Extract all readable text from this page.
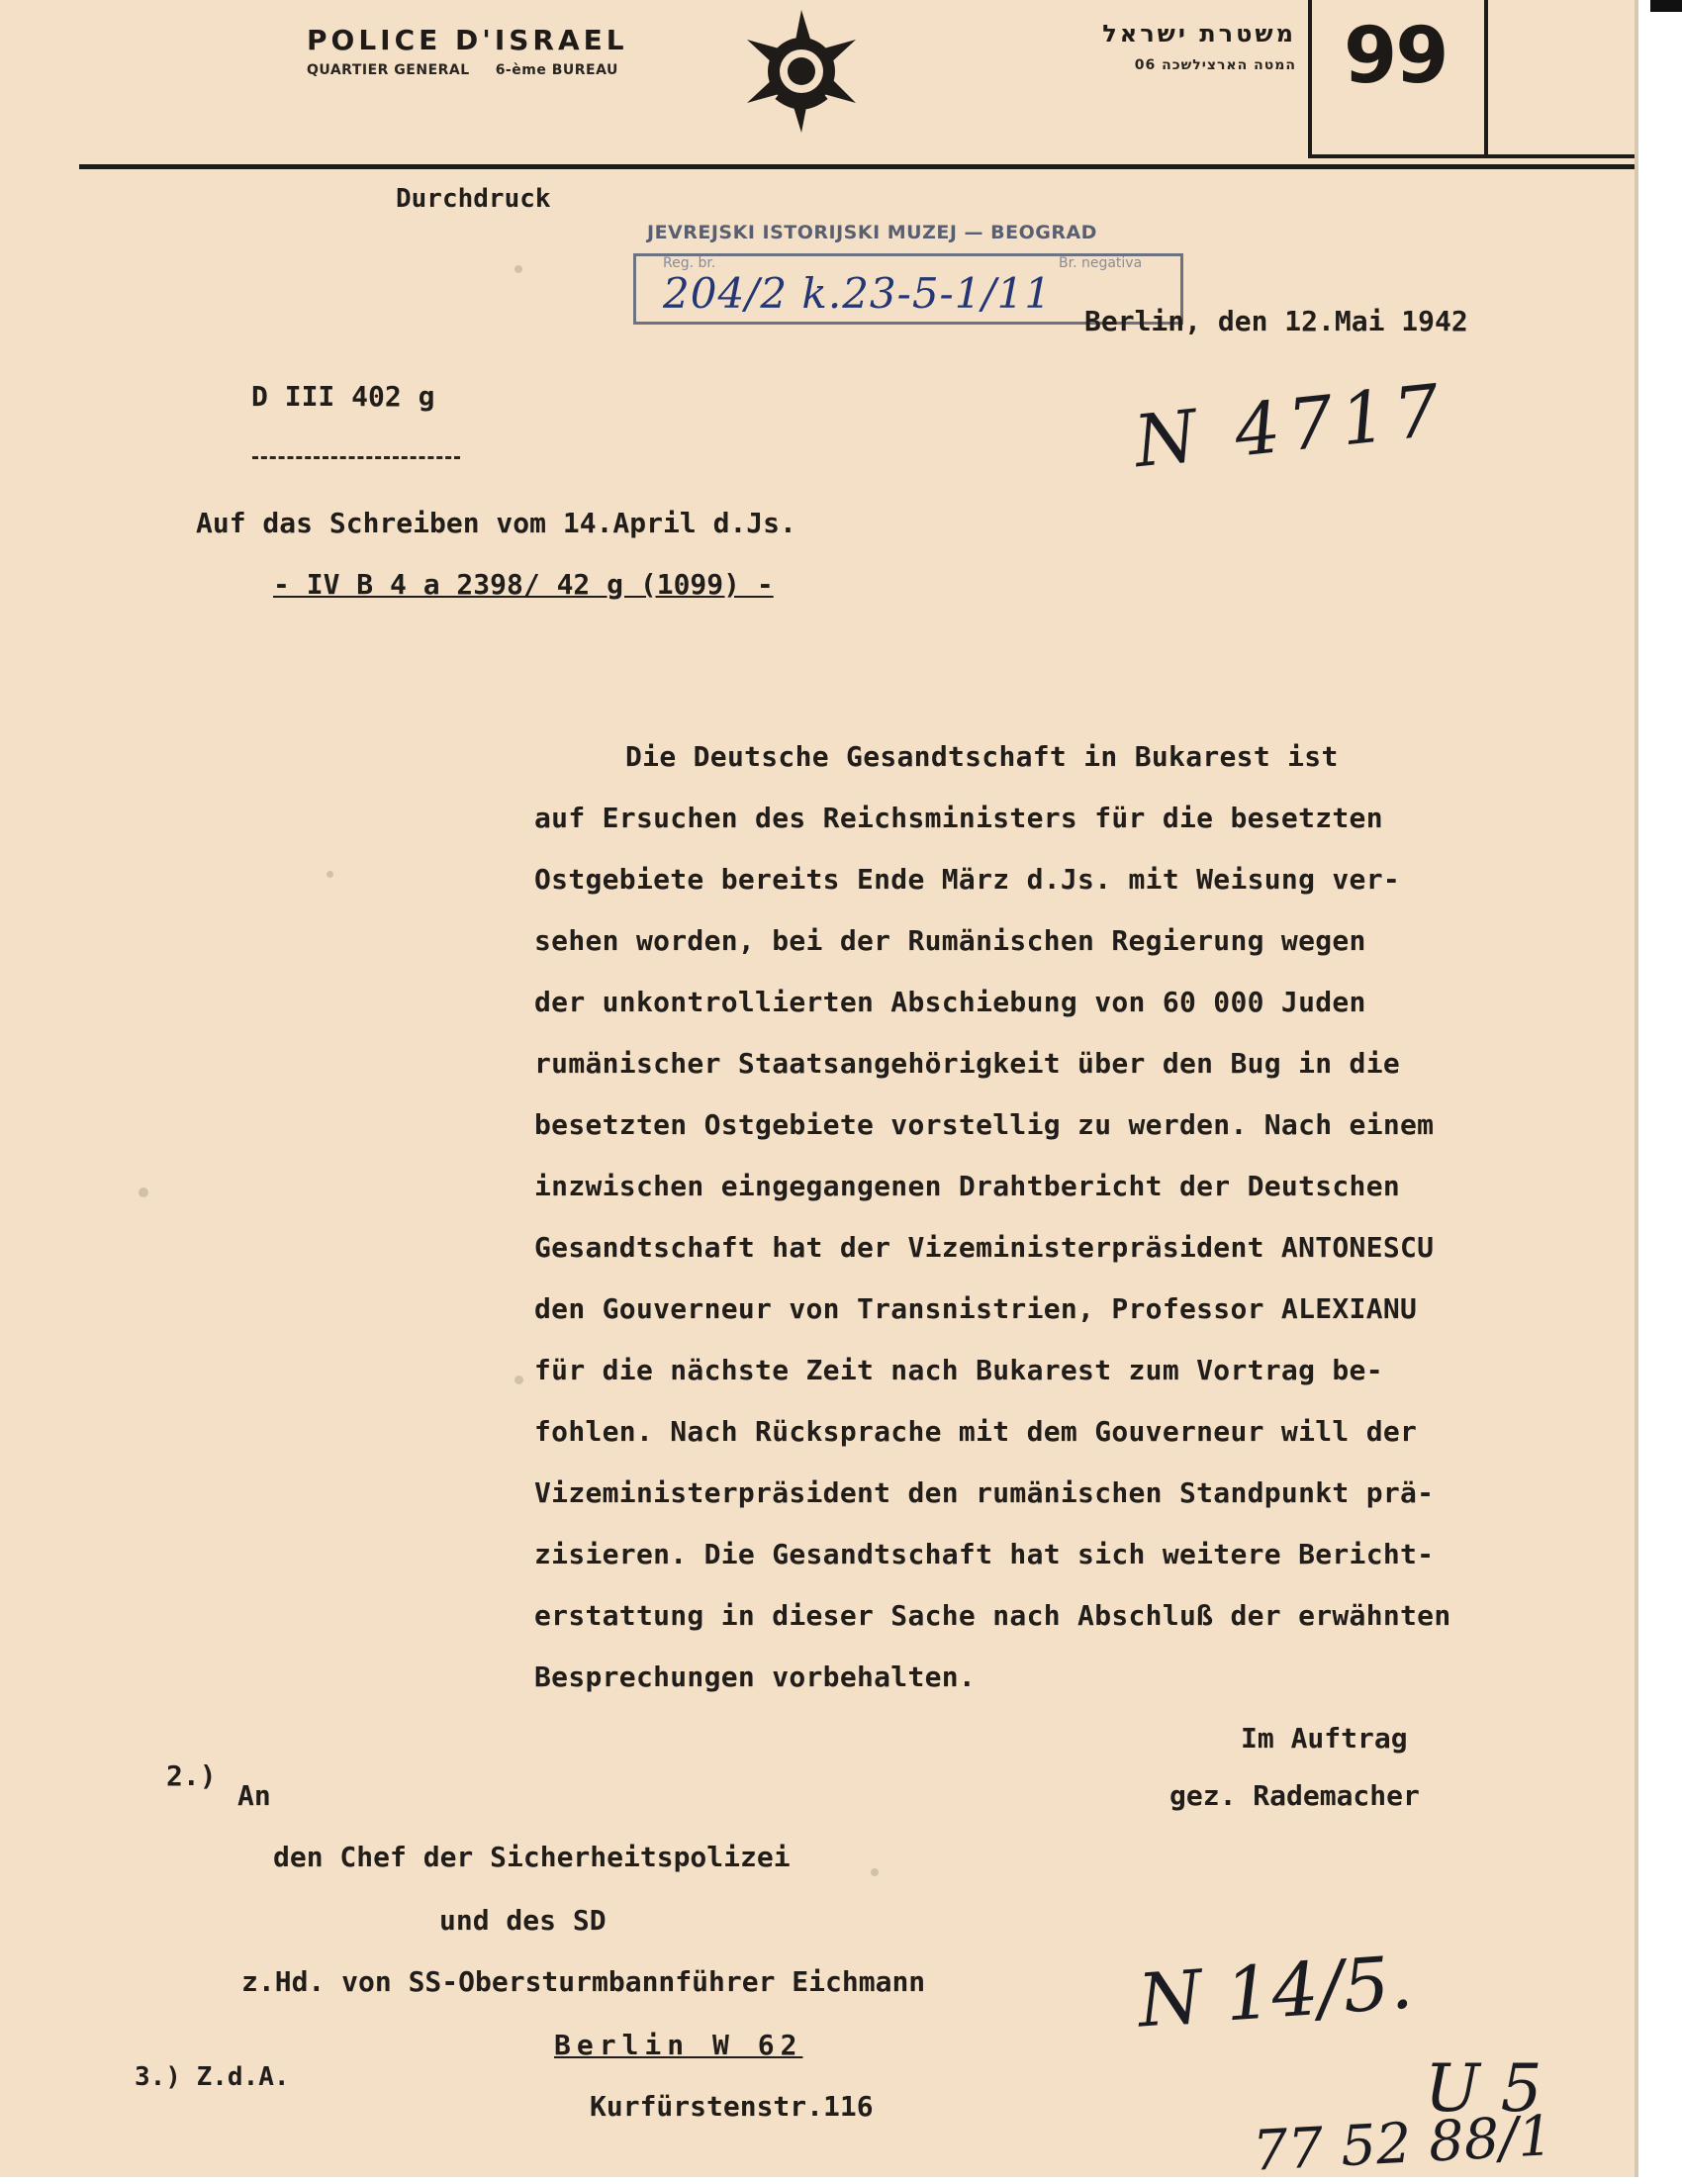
POLICE D'ISRAEL
QUARTIER GENERAL 6-ème BUREAU
משטרת ישראל
המטה הארצילשכה 06	99
Durchdruck
JEVREJSKI ISTORIJSKI MUZEJ — BEOGRAD
Reg. br.	Br. negativa
204/2 k.23-5-1/11
Berlin, den 12.Mai 1942
N 4717
D III 402 g
Auf das Schreiben vom 14.April d.Js.
- IV B 4 a 2398/ 42 g (1099) -
Die Deutsche Gesandtschaft in Bukarest ist
auf Ersuchen des Reichsministers für die besetzten
Ostgebiete bereits Ende März d.Js. mit Weisung ver-
sehen worden, bei der Rumänischen Regierung wegen
der unkontrollierten Abschiebung von 60 000 Juden
rumänischer Staatsangehörigkeit über den Bug in die
besetzten Ostgebiete vorstellig zu werden. Nach einem
inzwischen eingegangenen Drahtbericht der Deutschen
Gesandtschaft hat der Vizeministerpräsident ANTONESCU
den Gouverneur von Transnistrien, Professor ALEXIANU
für die nächste Zeit nach Bukarest zum Vortrag be-
fohlen. Nach Rücksprache mit dem Gouverneur will der
Vizeministerpräsident den rumänischen Standpunkt prä-
zisieren. Die Gesandtschaft hat sich weitere Bericht-
erstattung in dieser Sache nach Abschluß der erwähnten
Besprechungen vorbehalten.
Im Auftrag
gez. Rademacher
2.)
An
den Chef der Sicherheitspolizei
und des SD
z.Hd. von SS-Obersturmbannführer Eichmann
Berlin W 62
Kurfürstenstr.116
3.) Z.d.A.
N 14/5.
U 5
77 52 88/1
